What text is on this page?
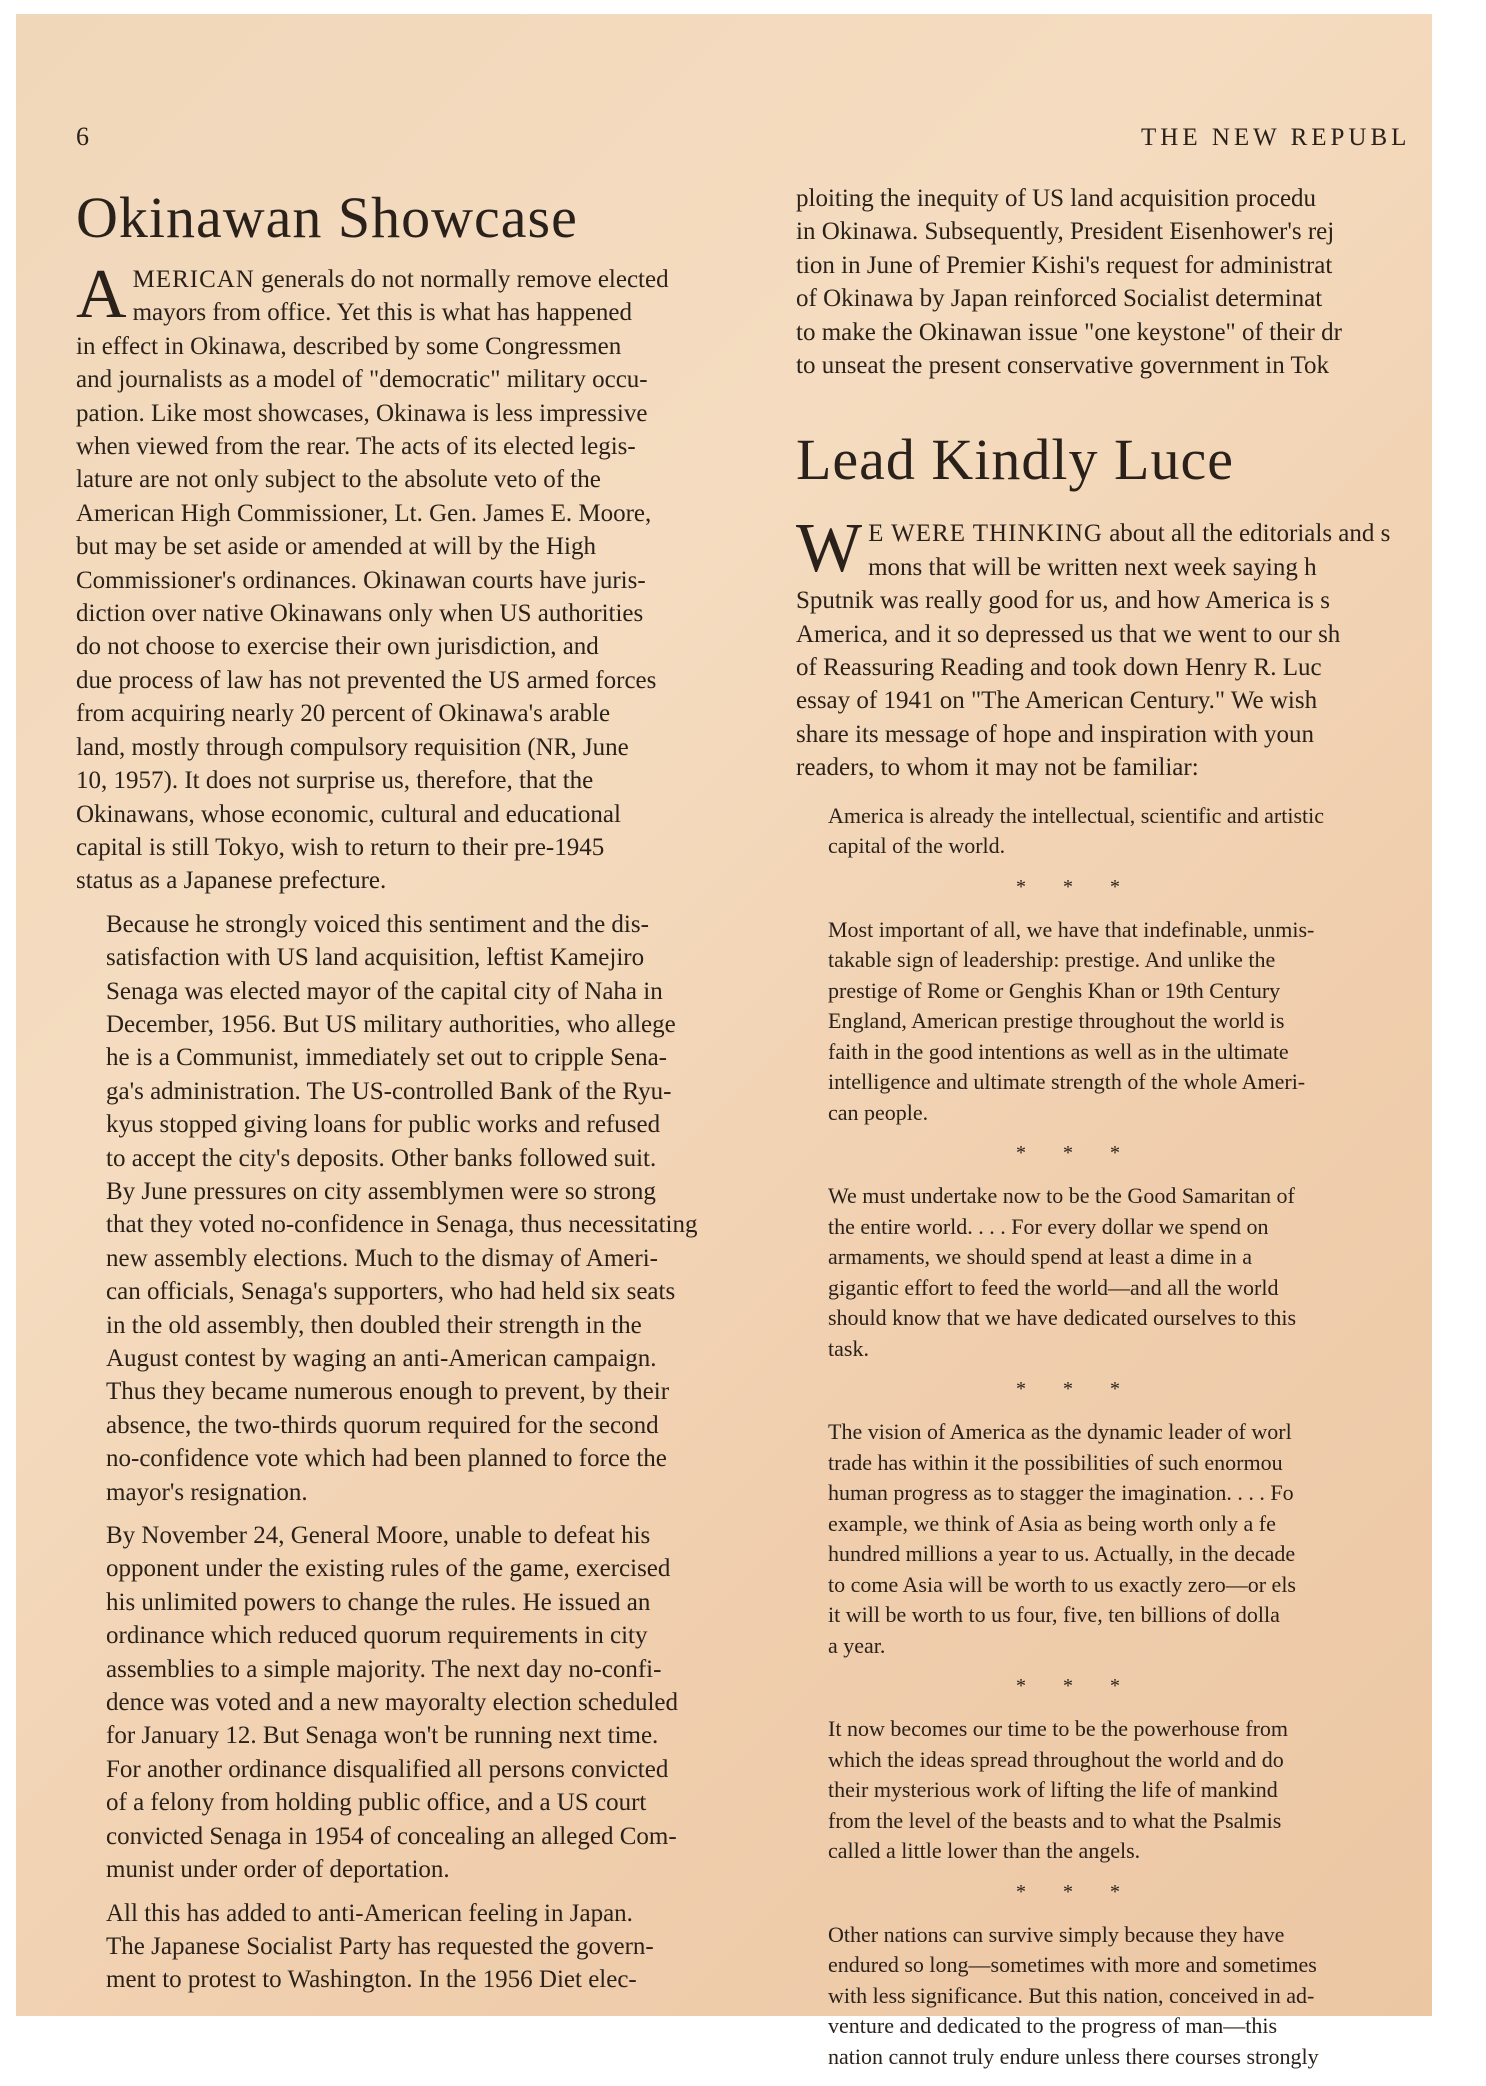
6	THE NEW REPUBL
Okinawan Showcase

A MERICAN generals do not normally remove elected
mayors from office. Yet this is what has happened
in effect in Okinawa, described by some Congressmen
and journalists as a model of "democratic" military occu-
pation. Like most showcases, Okinawa is less impressive
when viewed from the rear. The acts of its elected legis-
lature are not only subject to the absolute veto of the
American High Commissioner, Lt. Gen. James E. Moore,
but may be set aside or amended at will by the High
Commissioner's ordinances. Okinawan courts have juris-
diction over native Okinawans only when US authorities
do not choose to exercise their own jurisdiction, and
due process of law has not prevented the US armed forces
from acquiring nearly 20 percent of Okinawa's arable
land, mostly through compulsory requisition (NR, June
10, 1957). It does not surprise us, therefore, that the
Okinawans, whose economic, cultural and educational
capital is still Tokyo, wish to return to their pre-1945
status as a Japanese prefecture.

Because he strongly voiced this sentiment and the dis-
satisfaction with US land acquisition, leftist Kamejiro
Senaga was elected mayor of the capital city of Naha in
December, 1956. But US military authorities, who allege
he is a Communist, immediately set out to cripple Sena-
ga's administration. The US-controlled Bank of the Ryu-
kyus stopped giving loans for public works and refused
to accept the city's deposits. Other banks followed suit.
By June pressures on city assemblymen were so strong
that they voted no-confidence in Senaga, thus necessitating
new assembly elections. Much to the dismay of Ameri-
can officials, Senaga's supporters, who had held six seats
in the old assembly, then doubled their strength in the
August contest by waging an anti-American campaign.
Thus they became numerous enough to prevent, by their
absence, the two-thirds quorum required for the second
no-confidence vote which had been planned to force the
mayor's resignation.

By November 24, General Moore, unable to defeat his
opponent under the existing rules of the game, exercised
his unlimited powers to change the rules. He issued an
ordinance which reduced quorum requirements in city
assemblies to a simple majority. The next day no-confi-
dence was voted and a new mayoralty election scheduled
for January 12. But Senaga won't be running next time.
For another ordinance disqualified all persons convicted
of a felony from holding public office, and a US court
convicted Senaga in 1954 of concealing an alleged Com-
munist under order of deportation.

All this has added to anti-American feeling in Japan.
The Japanese Socialist Party has requested the govern-
ment to protest to Washington. In the 1956 Diet elec-

ploiting the inequity of US land acquisition procedu
in Okinawa. Subsequently, President Eisenhower's rej
tion in June of Premier Kishi's request for administrat
of Okinawa by Japan reinforced Socialist determinat
to make the Okinawan issue "one keystone" of their dr
to unseat the present conservative government in Tok

Lead Kindly Luce

W E WERE THINKING about all the editorials and s
mons that will be written next week saying h
Sputnik was really good for us, and how America is s
America, and it so depressed us that we went to our sh
of Reassuring Reading and took down Henry R. Luc
essay of 1941 on "The American Century." We wish
share its message of hope and inspiration with youn
readers, to whom it may not be familiar:

America is already the intellectual, scientific and artistic
capital of the world.
* * *
Most important of all, we have that indefinable, unmis-
takable sign of leadership: prestige. And unlike the
prestige of Rome or Genghis Khan or 19th Century
England, American prestige throughout the world is
faith in the good intentions as well as in the ultimate
intelligence and ultimate strength of the whole Ameri-
can people.
* * *
We must undertake now to be the Good Samaritan of
the entire world. . . . For every dollar we spend on
armaments, we should spend at least a dime in a
gigantic effort to feed the world—and all the world
should know that we have dedicated ourselves to this
task.
* * *
The vision of America as the dynamic leader of worl
trade has within it the possibilities of such enormou
human progress as to stagger the imagination. . . . Fo
example, we think of Asia as being worth only a fe
hundred millions a year to us. Actually, in the decade
to come Asia will be worth to us exactly zero—or els
it will be worth to us four, five, ten billions of dolla
a year.
* * *
It now becomes our time to be the powerhouse from
which the ideas spread throughout the world and do
their mysterious work of lifting the life of mankind
from the level of the beasts and to what the Psalmis
called a little lower than the angels.
* * *
Other nations can survive simply because they have
endured so long—sometimes with more and sometimes
with less significance. But this nation, conceived in ad-
venture and dedicated to the progress of man—this
nation cannot truly endure unless there courses strongly
